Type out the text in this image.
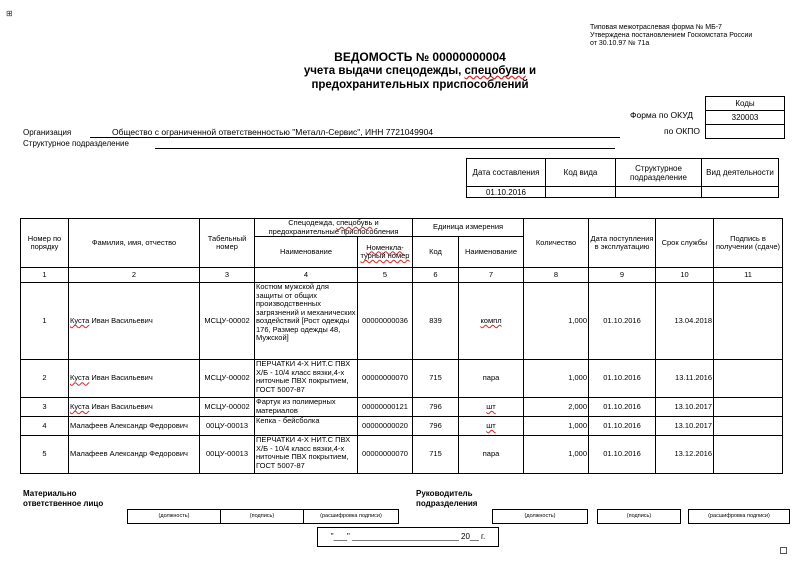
⊞
Типовая межотраслевая форма № МБ-7
Утверждена постановлением Госкомстата России
от 30.10.97 № 71а
ВЕДОМОСТЬ № 00000000004
учета выдачи спецодежды, спецобуви и
предохранительных приспособлений
Коды
320003
Форма по ОКУД
по ОКПО
Организация	Общество с ограниченной ответственностью "Металл-Сервис", ИНН 7721049904
Структурное подразделение
Дата составления	Код вида	Структурное подразделение	Вид деятельности
01.10.2016			
Номер по порядку	Фамилия, имя, отчество	Табельный номер	Спецодежда, спецобувь и предохранительные приспособления		Единица измерения		Количество	Дата поступления в эксплуатацию	Срок службы	Подпись в получении (сдаче)
			Наименование	Номенкла-турный номер	Код	Наименование				
1	2	3	4	5	6	7	8	9	10	11
1	Куста Иван Васильевич	МСЦУ-00002	Костюм мужской для защиты от общих производственных загрязнений и механических воздействий [Рост одежды 176, Размер одежды 48, Мужской]	00000000036	839	компл	1,000	01.10.2016	13.04.2018	
2	Куста Иван Васильевич	МСЦУ-00002	ПЕРЧАТКИ 4-Х НИТ.С ПВХ Х/Б - 10/4 класс вязки,4-х ниточные ПВХ покрытием, ГОСТ 5007-87	00000000070	715	пара	1,000	01.10.2016	13.11.2016	
3	Куста Иван Васильевич	МСЦУ-00002	Фартук из полимерных материалов	00000000121	796	шт	2,000	01.10.2016	13.10.2017	
4	Малафеев Александр Федорович	00ЦУ-00013	Кепка - бейсболка	00000000020	796	шт	1,000	01.10.2016	13.10.2017	
5	Малафеев Александр Федорович	00ЦУ-00013	ПЕРЧАТКИ 4-Х НИТ.С ПВХ Х/Б - 10/4 класс вязки,4-х ниточные ПВХ покрытием, ГОСТ 5007-87	00000000070	715	пара	1,000	01.10.2016	13.12.2016	
Материально
ответственное лицо
(должность)	(подпись)	(расшифровка подписи)
Руководитель
подразделения
(должность)	(подпись)	(расшифровка подписи)
"___" ________________________ 20__ г.
